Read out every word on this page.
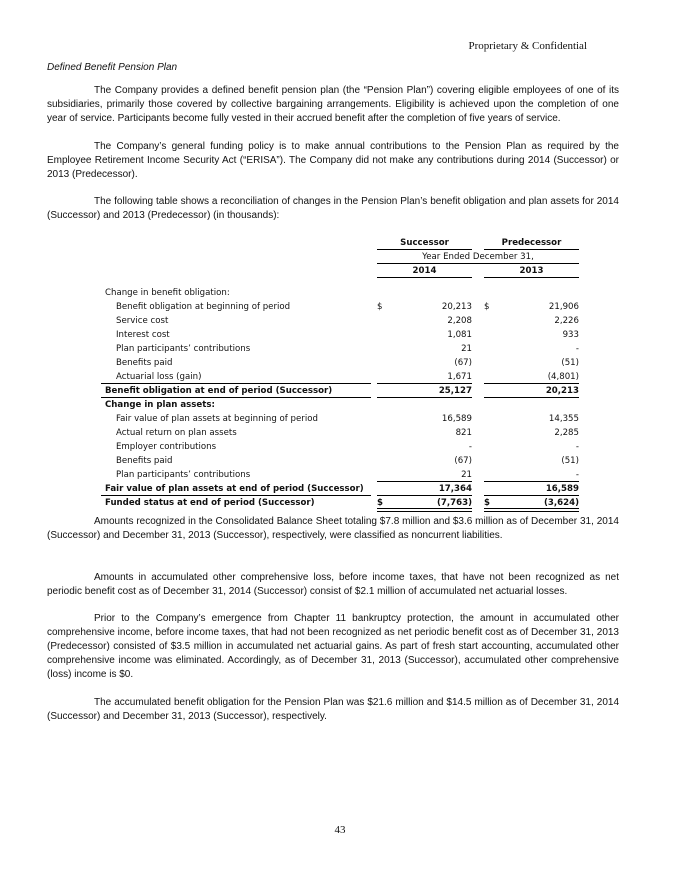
Proprietary & Confidential
Defined Benefit Pension Plan

The Company provides a defined benefit pension plan (the “Pension Plan”) covering eligible employees of one of its subsidiaries, primarily those covered by collective bargaining arrangements. Eligibility is achieved upon the completion of one year of service. Participants become fully vested in their accrued benefit after the completion of five years of service.

The Company’s general funding policy is to make annual contributions to the Pension Plan as required by the Employee Retirement Income Security Act (“ERISA”). The Company did not make any contributions during 2014 (Successor) or 2013 (Predecessor).

The following table shows a reconciliation of changes in the Pension Plan’s benefit obligation and plan assets for 2014 (Successor) and 2013 (Predecessor) (in thousands):

Successor	Predecessor
Year Ended December 31,
2014	2013
Change in benefit obligation:
Benefit obligation at beginning of period	$	20,213 $	21,906
Service cost	2,208	2,226
Interest cost	1,081	933
Plan participants’ contributions	21	-
Benefits paid	(67)	(51)
Actuarial loss (gain)	1,671	(4,801)
Benefit obligation at end of period (Successor)	25,127	20,213
Change in plan assets:
Fair value of plan assets at beginning of period	16,589	14,355
Actual return on plan assets	821	2,285
Employer contributions	-	-
Benefits paid	(67)	(51)
Plan participants’ contributions	21	-
Fair value of plan assets at end of period (Successor)	17,364	16,589
Funded status at end of period (Successor)	$	(7,763) $	(3,624)

Amounts recognized in the Consolidated Balance Sheet totaling $7.8 million and $3.6 million as of December 31, 2014 (Successor) and December 31, 2013 (Successor), respectively, were classified as noncurrent liabilities.

Amounts in accumulated other comprehensive loss, before income taxes, that have not been recognized as net periodic benefit cost as of December 31, 2014 (Successor) consist of $2.1 million of accumulated net actuarial losses.

Prior to the Company’s emergence from Chapter 11 bankruptcy protection, the amount in accumulated other comprehensive income, before income taxes, that had not been recognized as net periodic benefit cost as of December 31, 2013 (Predecessor) consisted of $3.5 million in accumulated net actuarial gains. As part of fresh start accounting, accumulated other comprehensive income was eliminated. Accordingly, as of December 31, 2013 (Successor), accumulated other comprehensive (loss) income is $0.

The accumulated benefit obligation for the Pension Plan was $21.6 million and $14.5 million as of December 31, 2014 (Successor) and December 31, 2013 (Successor), respectively.

43
